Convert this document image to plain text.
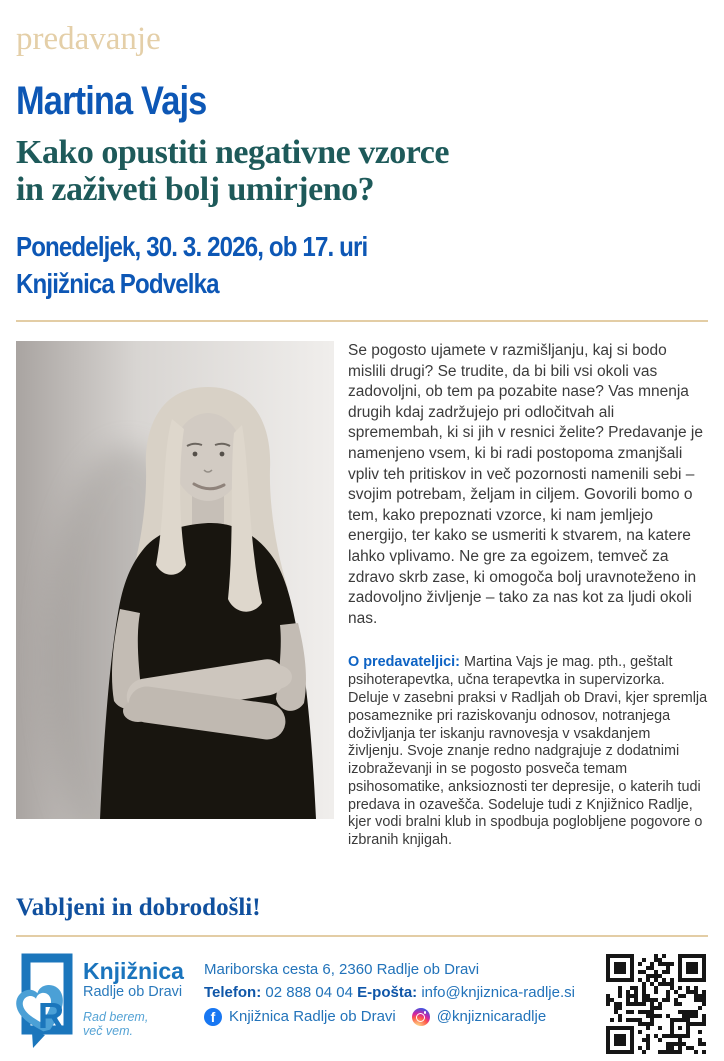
predavanje
Martina Vajs
Kako opustiti negativne vzorce
in zaživeti bolj umirjeno?
Ponedeljek, 30. 3. 2026, ob 17. uri
Knjižnica Podvelka

Se pogosto ujamete v razmišljanju, kaj si bodo mislili drugi? Se trudite, da bi bili vsi okoli vas zadovoljni, ob tem pa pozabite nase? Vas mnenja drugih kdaj zadržujejo pri odločitvah ali spremembah, ki si jih v resnici želite? Predavanje je namenjeno vsem, ki bi radi postopoma zmanjšali vpliv teh pritiskov in več pozornosti namenili sebi – svojim potrebam, željam in ciljem. Govorili bomo o tem, kako prepoznati vzorce, ki nam jemljejo energijo, ter kako se usmeriti k stvarem, na katere lahko vplivamo. Ne gre za egoizem, temveč za zdravo skrb zase, ki omogoča bolj uravnoteženo in zadovoljno življenje – tako za nas kot za ljudi okoli nas.

O predavateljici: Martina Vajs je mag. pth., geštalt psihoterapevtka, učna terapevtka in supervizorka. Deluje v zasebni praksi v Radljah ob Dravi, kjer spremlja posameznike pri raziskovanju odnosov, notranjega doživljanja ter iskanju ravnovesja v vsakdanjem življenju. Svoje znanje redno nadgrajuje z dodatnimi izobraževanji in se pogosto posveča temam psihosomatike, anksioznosti ter depresije, o katerih tudi predava in ozavešča. Sodeluje tudi z Knjižnico Radlje, kjer vodi bralni klub in spodbuja poglobljene pogovore o izbranih knjigah.

Vabljeni in dobrodošli!
R
Knjižnica
Radlje ob Dravi
Rad berem,
več vem.
Mariborska cesta 6, 2360 Radlje ob Dravi
Telefon: 02 888 04 04 E-pošta: info@knjiznica-radlje.si
f Knjižnica Radlje ob Dravi	@knjiznicaradlje
